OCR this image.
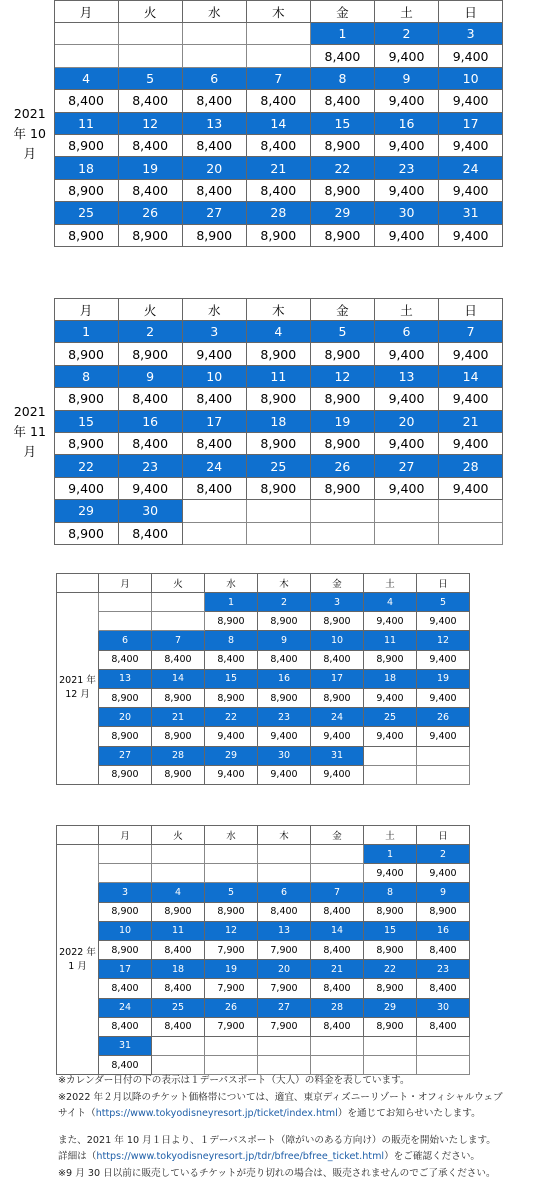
	月	火	水	木	金	土	日
2021 年 10 月					1	2	3
					8,400	9,400	9,400
	4	5	6	7	8	9	10
	8,400	8,400	8,400	8,400	8,400	9,400	9,400
	11	12	13	14	15	16	17
	8,900	8,400	8,400	8,400	8,900	9,400	9,400
	18	19	20	21	22	23	24
	8,900	8,400	8,400	8,400	8,900	9,400	9,400
	25	26	27	28	29	30	31
	8,900	8,900	8,900	8,900	8,900	9,400	9,400
	月	火	水	木	金	土	日
2021 年 11 月	1	2	3	4	5	6	7
	8,900	8,900	9,400	8,900	8,900	9,400	9,400
	8	9	10	11	12	13	14
	8,900	8,400	8,400	8,900	8,900	9,400	9,400
	15	16	17	18	19	20	21
	8,900	8,400	8,400	8,900	8,900	9,400	9,400
	22	23	24	25	26	27	28
	9,400	9,400	8,400	8,900	8,900	9,400	9,400
	29	30					
	8,900	8,400					
	月	火	水	木	金	土	日
2021 年 12 月			1	2	3	4	5
			8,900	8,900	8,900	9,400	9,400
	6	7	8	9	10	11	12
	8,400	8,400	8,400	8,400	8,400	8,900	9,400
	13	14	15	16	17	18	19
	8,900	8,900	8,900	8,900	8,900	9,400	9,400
	20	21	22	23	24	25	26
	8,900	8,900	9,400	9,400	9,400	9,400	9,400
	27	28	29	30	31		
	8,900	8,900	9,400	9,400	9,400		
	月	火	水	木	金	土	日
2022 年 1 月						1	2
						9,400	9,400
	3	4	5	6	7	8	9
	8,900	8,900	8,900	8,400	8,400	8,900	8,900
	10	11	12	13	14	15	16
	8,900	8,400	7,900	7,900	8,400	8,900	8,400
	17	18	19	20	21	22	23
	8,400	8,400	7,900	7,900	8,400	8,900	8,400
	24	25	26	27	28	29	30
	8,400	8,400	7,900	7,900	8,400	8,900	8,400
	31						
	8,400						

※カレンダー日付の下の表示は１デーパスポート（大人）の料金を表しています。

※2022 年２月以降のチケット価格帯については、適宜、東京ディズニーリゾート・オフィシャルウェブ

サイト（https://www.tokyodisneyresort.jp/ticket/index.html）を通じてお知らせいたします。

また、2021 年 10 月１日より、１デーパスポート（障がいのある方向け）の販売を開始いたします。

詳細は（https://www.tokyodisneyresort.jp/tdr/bfree/bfree_ticket.html）をご確認ください。

※9 月 30 日以前に販売しているチケットが売り切れの場合は、販売されませんのでご了承ください。
